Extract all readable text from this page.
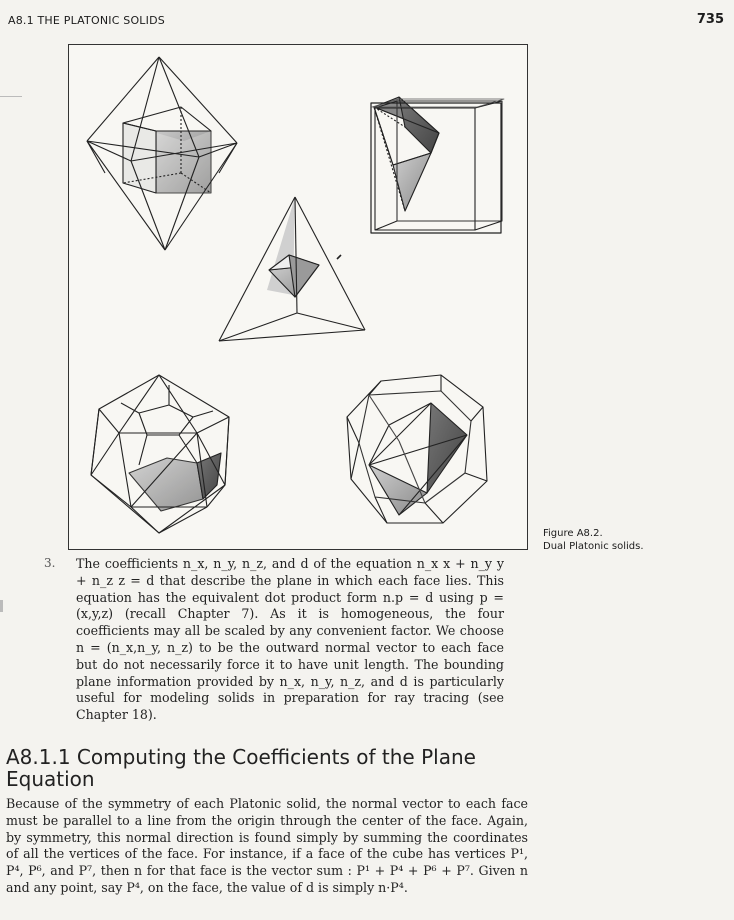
A8.1 THE PLATONIC SOLIDS	735
Figure A8.2.
Dual Platonic solids.
3. The coefficients n_x, n_y, n_z, and d of the equation n_x x + n_y y + n_z z = d that describe the plane in which each face lies. This equation has the equivalent dot product form n.p = d using p = (x,y,z) (recall Chapter 7). As it is homogeneous, the four coefficients may all be scaled by any convenient factor. We choose n = (n_x,n_y, n_z) to be the outward normal vector to each face but do not necessarily force it to have unit length. The bounding plane information provided by n_x, n_y, n_z, and d is particularly useful for modeling solids in preparation for ray tracing (see Chapter 18).
A8.1.1 Computing the Coefficients of the Plane Equation
Because of the symmetry of each Platonic solid, the normal vector to each face must be parallel to a line from the origin through the center of the face. Again, by symmetry, this normal direction is found simply by summing the coordinates of all the vertices of the face. For instance, if a face of the cube has vertices P¹, P⁴, P⁶, and P⁷, then n for that face is the vector sum : P¹ + P⁴ + P⁶ + P⁷. Given n and any point, say P⁴, on the face, the value of d is simply n·P⁴.
